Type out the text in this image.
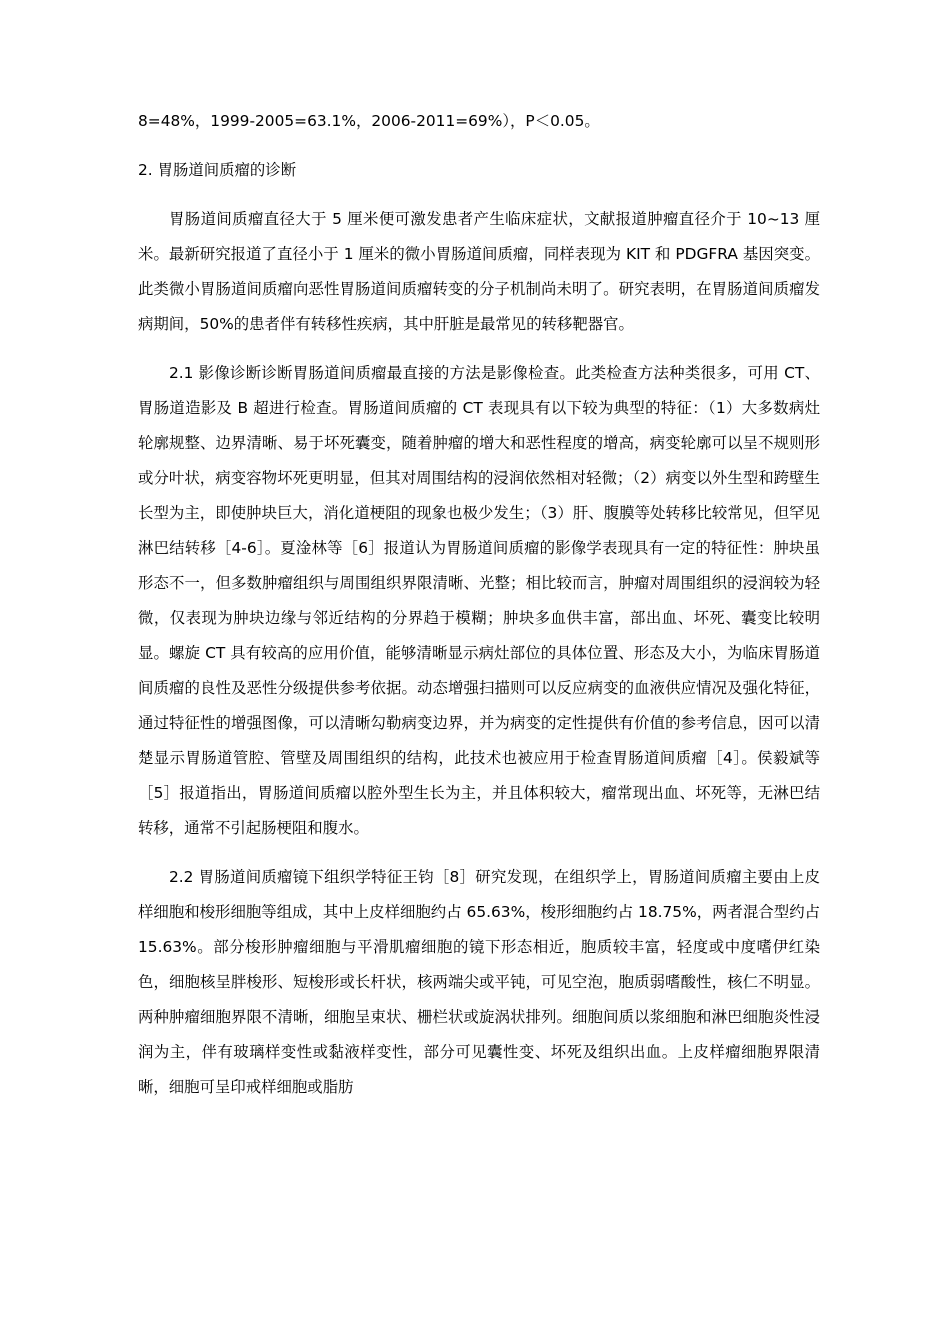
8=48%，1999-2005=63.1%，2006-2011=69%），P＜0.05。

2. 胃肠道间质瘤的诊断

胃肠道间质瘤直径大于 5 厘米便可激发患者产生临床症状，文献报道肿瘤直径介于 10~13 厘米。最新研究报道了直径小于 1 厘米的微小胃肠道间质瘤，同样表现为 KIT 和 PDGFRA 基因突变。此类微小胃肠道间质瘤向恶性胃肠道间质瘤转变的分子机制尚未明了。研究表明，在胃肠道间质瘤发病期间，50%的患者伴有转移性疾病，其中肝脏是最常见的转移靶器官。

2.1 影像诊断诊断胃肠道间质瘤最直接的方法是影像检查。此类检查方法种类很多，可用 CT、胃肠道造影及 B 超进行检查。胃肠道间质瘤的 CT 表现具有以下较为典型的特征：（1）大多数病灶轮廓规整、边界清晰、易于坏死囊变，随着肿瘤的增大和恶性程度的增高，病变轮廓可以呈不规则形或分叶状，病变容物坏死更明显，但其对周围结构的浸润依然相对轻微；（2）病变以外生型和跨壁生长型为主，即使肿块巨大，消化道梗阻的现象也极少发生；（3）肝、腹膜等处转移比较常见，但罕见淋巴结转移［4-6］。夏淦林等［6］报道认为胃肠道间质瘤的影像学表现具有一定的特征性：肿块虽形态不一，但多数肿瘤组织与周围组织界限清晰、光整；相比较而言，肿瘤对周围组织的浸润较为轻微，仅表现为肿块边缘与邻近结构的分界趋于模糊；肿块多血供丰富，部出血、坏死、囊变比较明显。螺旋 CT 具有较高的应用价值，能够清晰显示病灶部位的具体位置、形态及大小，为临床胃肠道间质瘤的良性及恶性分级提供参考依据。动态增强扫描则可以反应病变的血液供应情况及强化特征，通过特征性的增强图像，可以清晰勾勒病变边界，并为病变的定性提供有价值的参考信息，因可以清楚显示胃肠道管腔、管壁及周围组织的结构，此技术也被应用于检查胃肠道间质瘤［4］。侯毅斌等［5］报道指出，胃肠道间质瘤以腔外型生长为主，并且体积较大，瘤常现出血、坏死等，无淋巴结转移，通常不引起肠梗阻和腹水。

2.2 胃肠道间质瘤镜下组织学特征王钧［8］研究发现，在组织学上，胃肠道间质瘤主要由上皮样细胞和梭形细胞等组成，其中上皮样细胞约占 65.63%，梭形细胞约占 18.75%，两者混合型约占 15.63%。部分梭形肿瘤细胞与平滑肌瘤细胞的镜下形态相近，胞质较丰富，轻度或中度嗜伊红染色，细胞核呈胖梭形、短梭形或长杆状，核两端尖或平钝，可见空泡，胞质弱嗜酸性，核仁不明显。两种肿瘤细胞界限不清晰，细胞呈束状、栅栏状或旋涡状排列。细胞间质以浆细胞和淋巴细胞炎性浸润为主，伴有玻璃样变性或黏液样变性，部分可见囊性变、坏死及组织出血。上皮样瘤细胞界限清晰，细胞可呈印戒样细胞或脂肪
